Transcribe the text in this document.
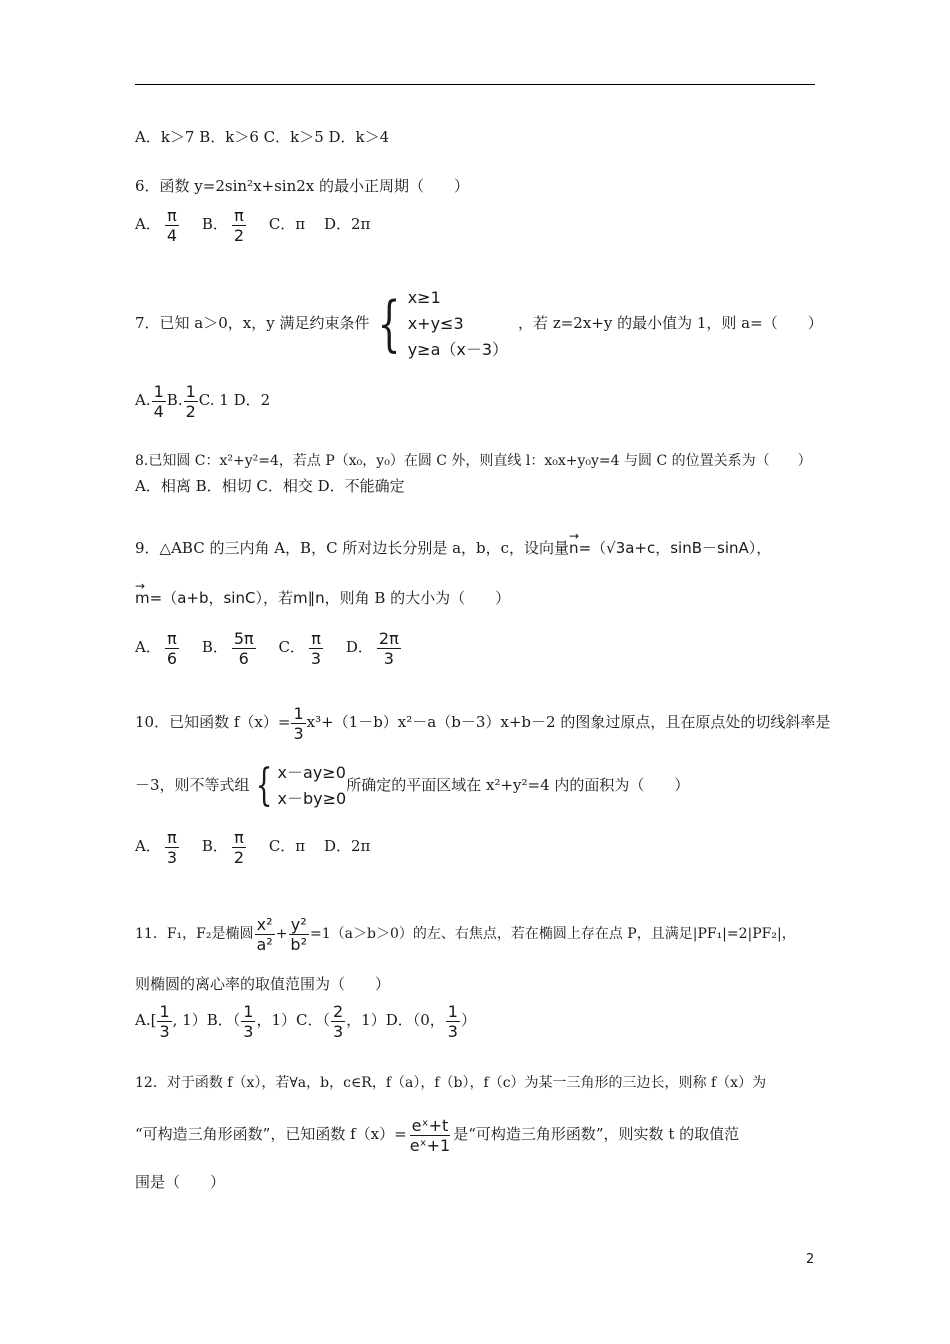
A．k＞7 B．k＞6 C．k＞5 D．k＞4
6．函数 y=2sin²x+sin2x 的最小正周期（　　）
A． $\frac{\pi}{4}$ B． $\frac{\pi}{2}$ C．π D．2π
7．已知 a＞0，x，y 满足约束条件 { x≥1
x+y≤3
y≥a（x－3）
，若 z=2x+y 的最小值为 1，则 a=（　　）
A. $\frac{1}{4} B$. $\frac{1}{2} C$. 1 D．2
8.已知圆 C：x²+y²=4，若点 P（x₀，y₀）在圆 C 外，则直线 l：x₀x+y₀y=4 与圆 C 的位置关系为（　　）
A．相离 B．相切 C．相交 D．不能确定
9．△ABC 的三内角 A，B，C 所对边长分别是 a，b，c，设向量→ n=（√3a+c，sinB－sinA），
→ m=（a+b，sinC），若m∥n，则角 B 的大小为（　　）
A． $\frac{\pi}{6}$ B． $\frac{5\pi}{6}$ C． $\frac{\pi}{3}$ D． $\frac{2\pi}{3}$
10．已知函数 $f(x)= \frac{1}{3} x^3+(1-b)x^2-a(b-3)x+b-2$ 的图象过原点，且在原点处的切线斜率是
－3，则不等式组 { x－ay≥0
x－by≥0
所确定的平面区域在 x²+y²=4 内的面积为（　　）
A． $\frac{\pi}{3}$ B． $\frac{\pi}{2}$ C．π D．2π
11．F₁，F₂是椭圆 $\frac{\text{x²}}{\text{a²}} + \frac{\text{y²}}{\text{b²}} =1(a>b>0)$的左、右焦点，若在椭圆上存在点 P，且满足|PF₁|=2|PF₂|，
则椭圆的离心率的取值范围为（　　）
$A.[ \frac{1}{3}$ , 1）B．（ $\frac{1}{3}$ ，1）C．（ $\frac{2}{3}$ ，1）D．（0， $\frac{1}{3}$ ）
12．对于函数 f（x），若∀a，b，c∈R，f（a），f（b），f（c）为某一三角形的三边长，则称 f（x）为
“可构造三角形函数”，已知函数 $f(x)= \frac{\text{eˣ+t}}{\text{eˣ+1}}$ 是“可构造三角形函数”，则实数 t 的取值范
围是（　　）
2
